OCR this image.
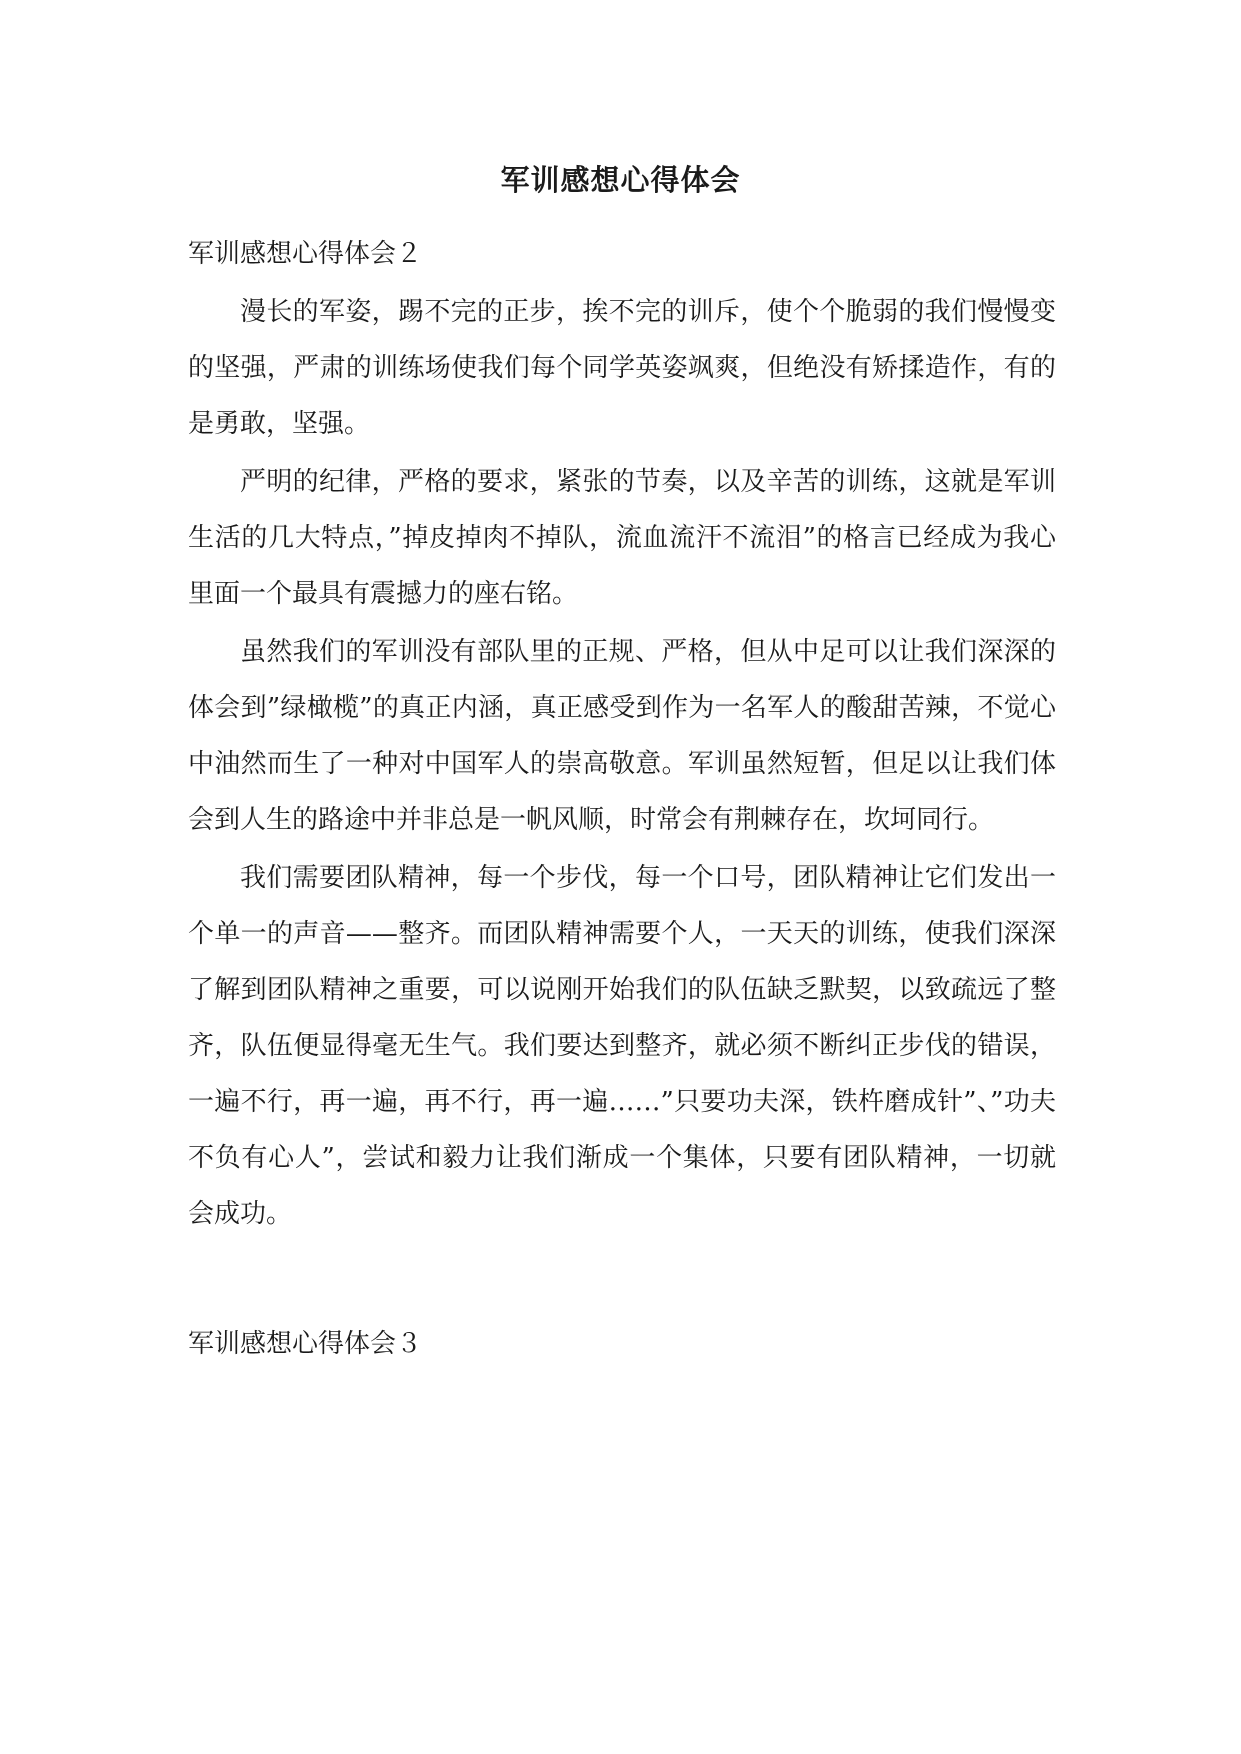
军训感想心得体会
军训感想心得体会２

漫长的军姿，踢不完的正步，挨不完的训斥，使个个脆弱的我们慢慢变的坚强，严肃的训练场使我们每个同学英姿飒爽，但绝没有矫揉造作，有的是勇敢，坚强。

严明的纪律，严格的要求，紧张的节奏，以及辛苦的训练，这就是军训生活的几大特点，”掉皮掉肉不掉队，流血流汗不流泪”的格言已经成为我心里面一个最具有震撼力的座右铭。

虽然我们的军训没有部队里的正规、严格，但从中足可以让我们深深的体会到”绿橄榄”的真正内涵，真正感受到作为一名军人的酸甜苦辣，不觉心中油然而生了一种对中国军人的崇高敬意。军训虽然短暂，但足以让我们体会到人生的路途中并非总是一帆风顺，时常会有荆棘存在，坎坷同行。

我们需要团队精神，每一个步伐，每一个口号，团队精神让它们发出一个单一的声音——整齐。而团队精神需要个人，一天天的训练，使我们深深了解到团队精神之重要，可以说刚开始我们的队伍缺乏默契，以致疏远了整齐，队伍便显得毫无生气。我们要达到整齐，就必须不断纠正步伐的错误，一遍不行，再一遍，再不行，再一遍……”只要功夫深，铁杵磨成针”、”功夫不负有心人”，尝试和毅力让我们渐成一个集体，只要有团队精神，一切就会成功。

军训感想心得体会３
